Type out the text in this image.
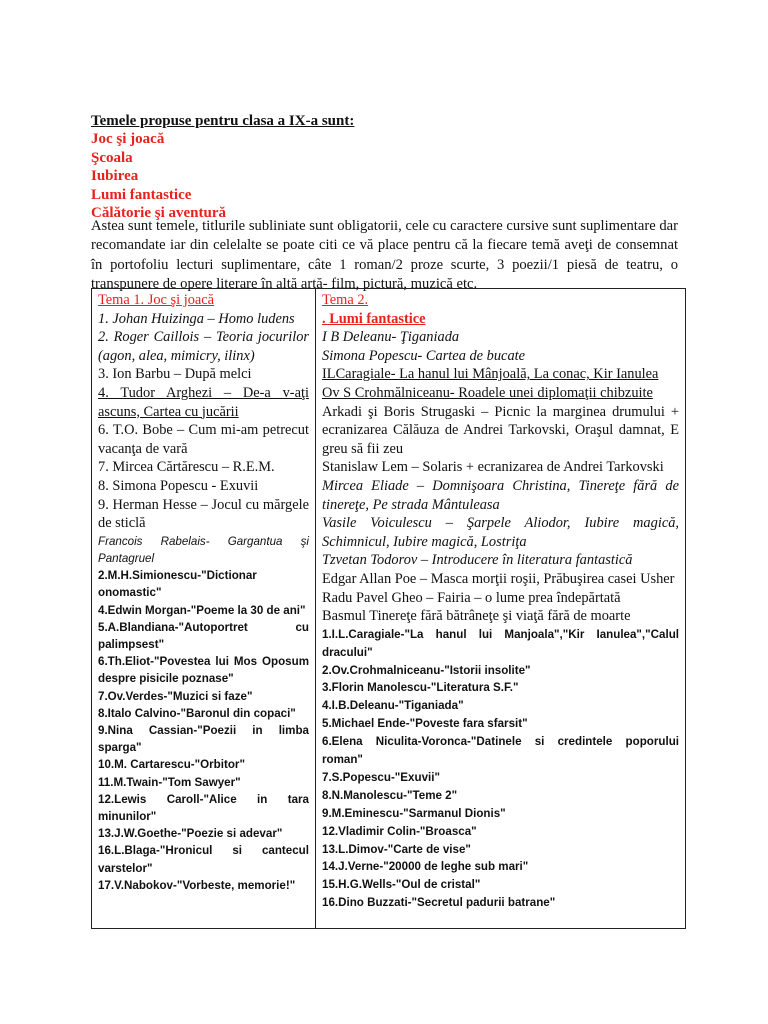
Temele propuse pentru clasa a IX-a sunt:
Joc şi joacă
Şcoala
Iubirea
Lumi fantastice
Călătorie şi aventură

Astea sunt temele, titlurile subliniate sunt obligatorii, cele cu caractere cursive sunt suplimentare dar recomandate iar din celelalte se poate citi ce vă place pentru că la fiecare temă aveţi de consemnat în portofoliu lecturi suplimentare, câte 1 roman/2 proze scurte, 3 poezii/1 piesă de teatru, o transpunere de opere literare în altă artă- film, pictură, muzică etc.

Tema 1. Joc şi joacă
1. Johan Huizinga – Homo ludens
2. Roger Caillois – Teoria jocurilor (agon, alea, mimicry, ilinx)
3. Ion Barbu – După melci
4. Tudor Arghezi – De-a v-aţi ascuns, Cartea cu jucării
6. T.O. Bobe – Cum mi-am petrecut vacanţa de vară
7. Mircea Cărtărescu – R.E.M.
8. Simona Popescu - Exuvii
9. Herman Hesse – Jocul cu mărgele de sticlă
Francois Rabelais- Gargantua şi Pantagruel
2.M.H.Simionescu-"Dictionar onomastic"
4.Edwin Morgan-"Poeme la 30 de ani"
5.A.Blandiana-"Autoportret cu palimpsest"
6.Th.Eliot-"Povestea lui Mos Oposum despre pisicile poznase"
7.Ov.Verdes-"Muzici si faze"
8.Italo Calvino-"Baronul din copaci"
9.Nina Cassian-"Poezii in limba sparga"
10.M. Cartarescu-"Orbitor"
11.M.Twain-"Tom Sawyer"
12.Lewis Caroll-"Alice in tara minunilor"
13.J.W.Goethe-"Poezie si adevar"
16.L.Blaga-"Hronicul si cantecul varstelor"
17.V.Nabokov-"Vorbeste, memorie!"

Tema 2.
. Lumi fantastice
I B Deleanu- Ţiganiada
Simona Popescu- Cartea de bucate
ILCaragiale- La hanul lui Mânjoală, La conac, Kir Ianulea
Ov S Crohmălniceanu- Roadele unei diplomaţii chibzuite
Arkadi şi Boris Strugaski – Picnic la marginea drumului + ecranizarea Călăuza de Andrei Tarkovski, Oraşul damnat, E greu să fii zeu
Stanislaw Lem – Solaris + ecranizarea de Andrei Tarkovski
Mircea Eliade – Domnişoara Christina, Tinereţe fără de tinereţe, Pe strada Mântuleasa
Vasile Voiculescu – Şarpele Aliodor, Iubire magică, Schimnicul, Iubire magică, Lostriţa
Tzvetan Todorov – Introducere în literatura fantastică
Edgar Allan Poe – Masca morţii roşii, Prăbuşirea casei Usher
Radu Pavel Gheo – Fairia – o lume prea îndepărtată
Basmul Tinereţe fără bătrâneţe şi viaţă fără de moarte
1.I.L.Caragiale-"La hanul lui Manjoala","Kir Ianulea","Calul dracului"
2.Ov.Crohmalniceanu-"Istorii insolite"
3.Florin Manolescu-"Literatura S.F."
4.I.B.Deleanu-"Tiganiada"
5.Michael Ende-"Poveste fara sfarsit"
6.Elena Niculita-Voronca-"Datinele si credintele poporului roman"
7.S.Popescu-"Exuvii"
8.N.Manolescu-"Teme 2"
9.M.Eminescu-"Sarmanul Dionis"
12.Vladimir Colin-"Broasca"
13.L.Dimov-"Carte de vise"
14.J.Verne-"20000 de leghe sub mari"
15.H.G.Wells-"Oul de cristal"
16.Dino Buzzati-"Secretul padurii batrane"
